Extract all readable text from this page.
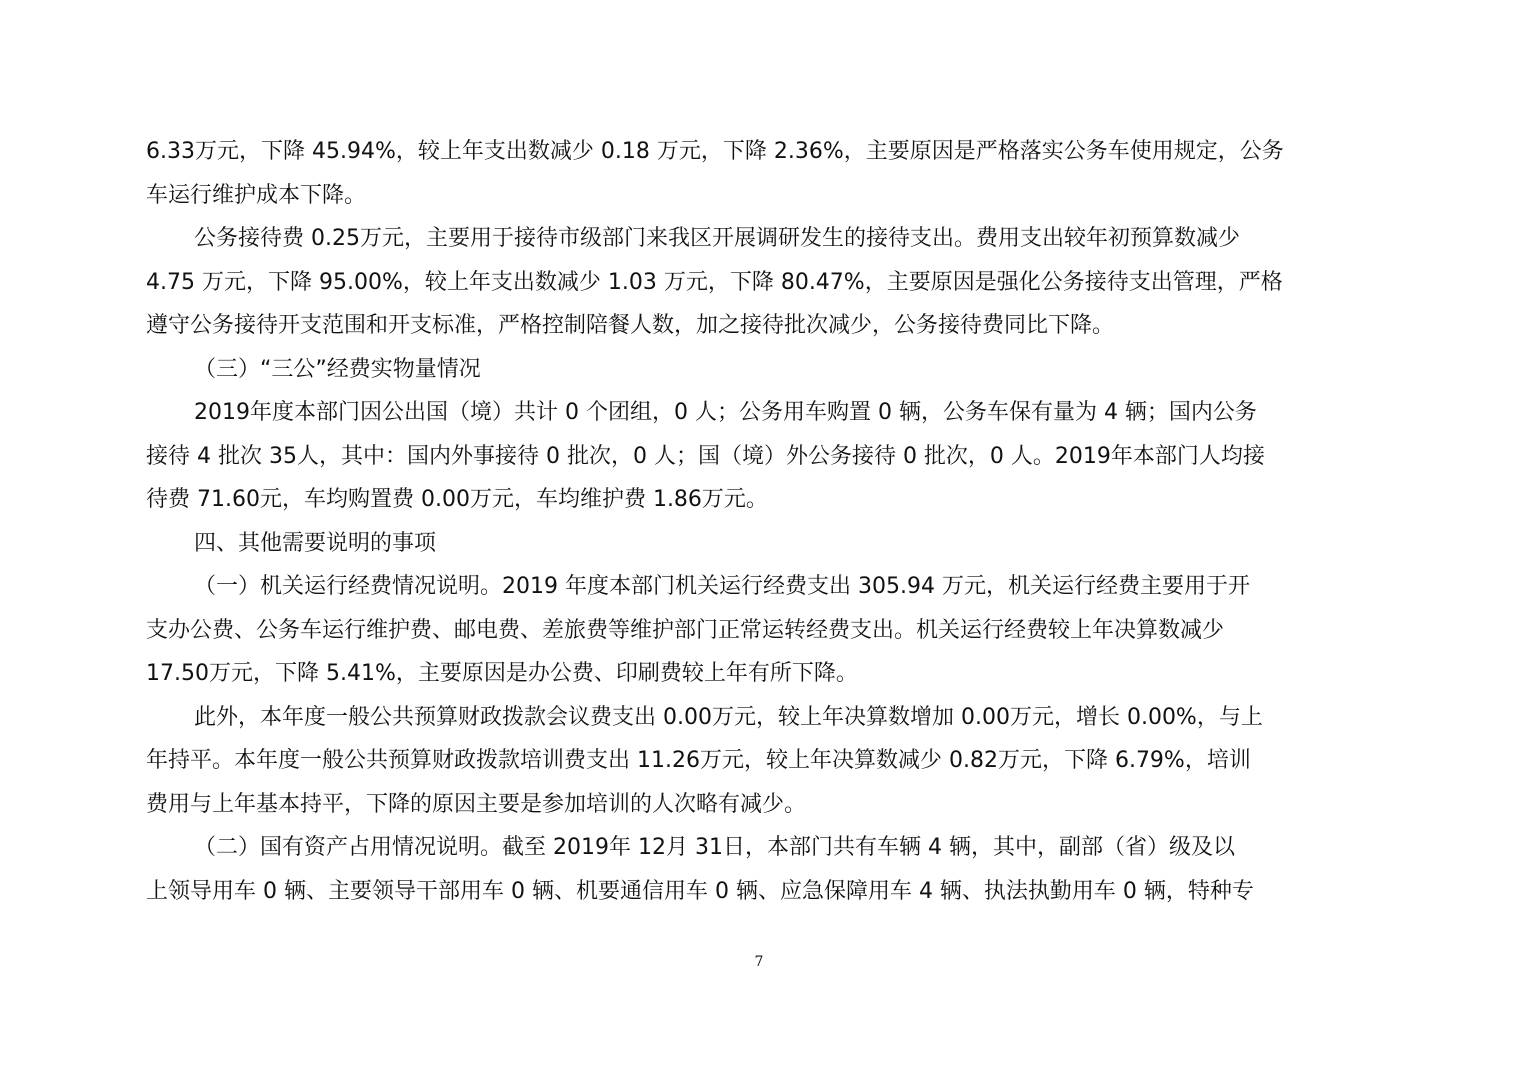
6.33万元，下降 45.94%，较上年支出数减少 0.18 万元，下降 2.36%，主要原因是严格落实公务车使用规定，公务
车运行维护成本下降。
公务接待费 0.25万元，主要用于接待市级部门来我区开展调研发生的接待支出。费用支出较年初预算数减少
4.75 万元，下降 95.00%，较上年支出数减少 1.03 万元，下降 80.47%，主要原因是强化公务接待支出管理，严格
遵守公务接待开支范围和开支标准，严格控制陪餐人数，加之接待批次减少，公务接待费同比下降。
（三）“三公”经费实物量情况
2019年度本部门因公出国（境）共计 0 个团组，0 人；公务用车购置 0 辆，公务车保有量为 4 辆；国内公务
接待 4 批次 35人，其中：国内外事接待 0 批次，0 人；国（境）外公务接待 0 批次，0 人。2019年本部门人均接
待费 71.60元，车均购置费 0.00万元，车均维护费 1.86万元。
四、其他需要说明的事项
（一）机关运行经费情况说明。2019 年度本部门机关运行经费支出 305.94 万元，机关运行经费主要用于开
支办公费、公务车运行维护费、邮电费、差旅费等维护部门正常运转经费支出。机关运行经费较上年决算数减少
17.50万元，下降 5.41%，主要原因是办公费、印刷费较上年有所下降。
此外，本年度一般公共预算财政拨款会议费支出 0.00万元，较上年决算数增加 0.00万元，增长 0.00%，与上
年持平。本年度一般公共预算财政拨款培训费支出 11.26万元，较上年决算数减少 0.82万元，下降 6.79%，培训
费用与上年基本持平，下降的原因主要是参加培训的人次略有减少。
（二）国有资产占用情况说明。截至 2019年 12月 31日，本部门共有车辆 4 辆，其中，副部（省）级及以
上领导用车 0 辆、主要领导干部用车 0 辆、机要通信用车 0 辆、应急保障用车 4 辆、执法执勤用车 0 辆，特种专
7
